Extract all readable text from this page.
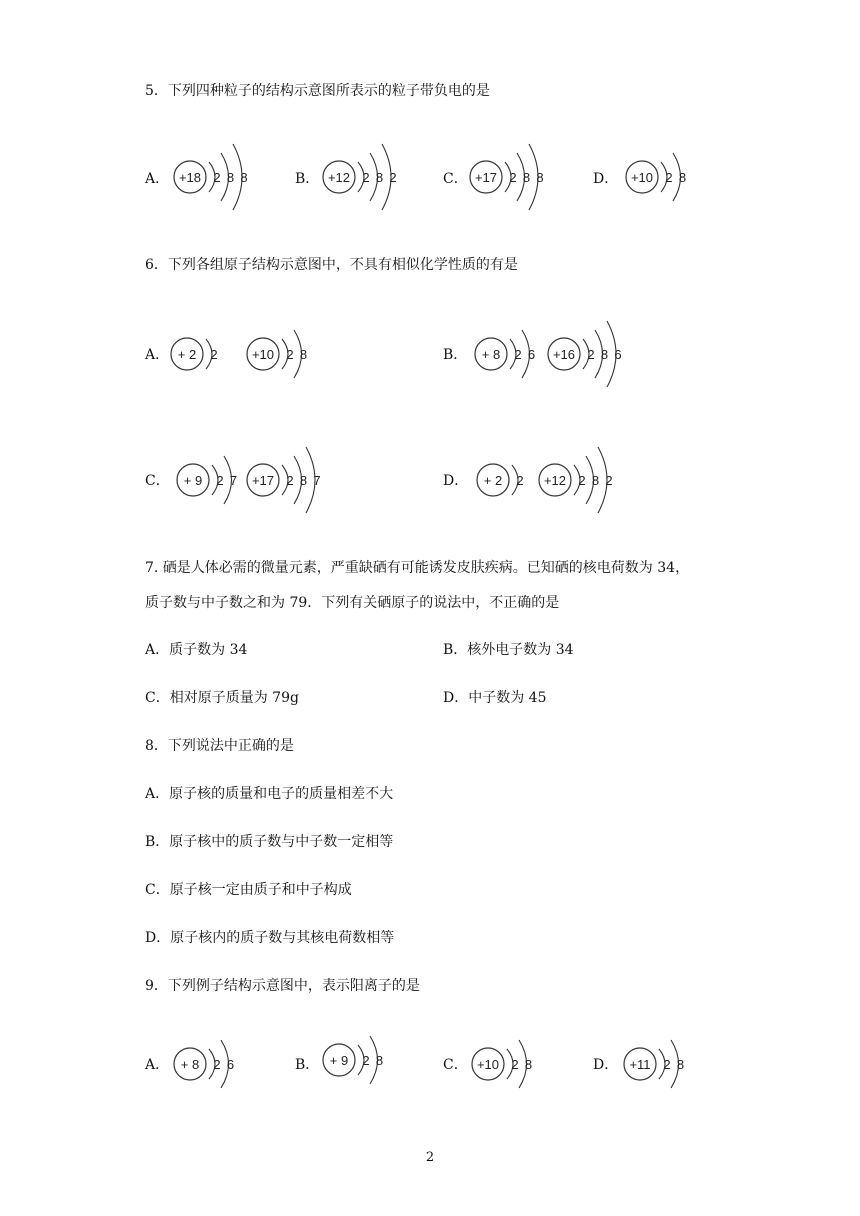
5．下列四种粒子的结构示意图所表示的粒子带负电的是
A． +18 2 8 8	B． +12 2 8 2	C． +17 2 8 8	D． +10 2 8
6．下列各组原子结构示意图中，不具有相似化学性质的有是
A． + 2 2	+10 2 8	B． + 8 2 6 +16 2 8 6
C． + 9 2 7 +17 2 8 7	D． + 2 2 +12 2 8 2
7. 硒是人体必需的微量元素，严重缺硒有可能诱发皮肤疾病。已知硒的核电荷数为 34，
质子数与中子数之和为 79．下列有关硒原子的说法中，不正确的是
A．质子数为 34	B．核外电子数为 34
C．相对原子质量为 79g	D．中子数为 45
8．下列说法中正确的是
A．原子核的质量和电子的质量相差不大
B．原子核中的质子数与中子数一定相等
C．原子核一定由质子和中子构成
D．原子核内的质子数与其核电荷数相等
9．下列例子结构示意图中，表示阳离子的是
A． + 8 2 6	B． + 9 2 8	C． +10 2 8	D． +11 2 8
2
